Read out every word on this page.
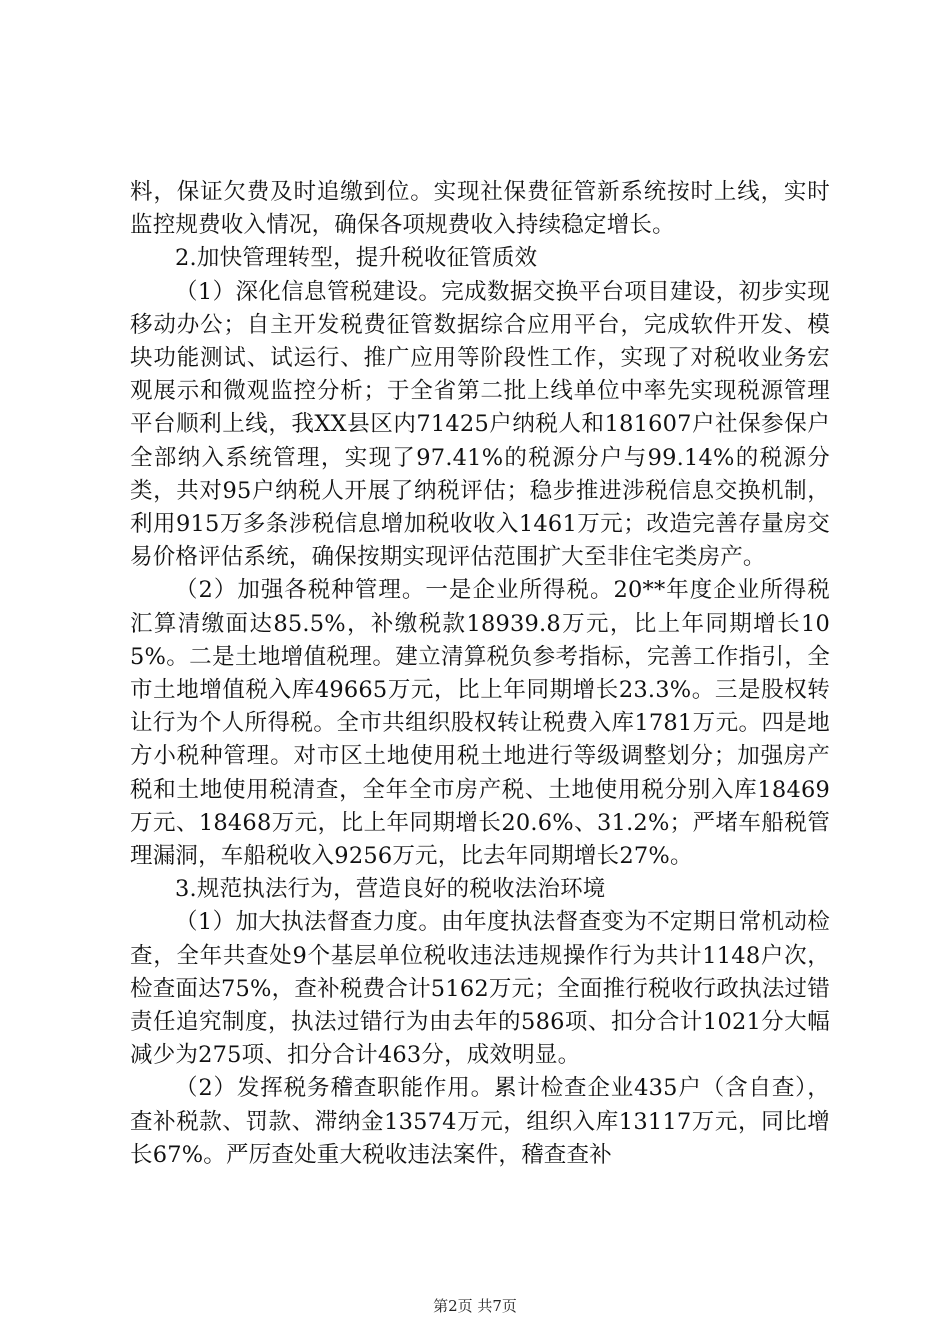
料，保证欠费及时追缴到位。实现社保费征管新系统按时上线，实时监控规费收入情况，确保各项规费收入持续稳定增长。

2.加快管理转型，提升税收征管质效

（1）深化信息管税建设。完成数据交换平台项目建设，初步实现移动办公；自主开发税费征管数据综合应用平台，完成软件开发、模块功能测试、试运行、推广应用等阶段性工作，实现了对税收业务宏观展示和微观监控分析；于全省第二批上线单位中率先实现税源管理平台顺利上线，我XX县区内71425户纳税人和181607户社保参保户全部纳入系统管理，实现了97.41%的税源分户与99.14%的税源分类，共对95户纳税人开展了纳税评估；稳步推进涉税信息交换机制，利用915万多条涉税信息增加税收收入1461万元；改造完善存量房交易价格评估系统，确保按期实现评估范围扩大至非住宅类房产。

（2）加强各税种管理。一是企业所得税。20**年度企业所得税汇算清缴面达85.5%，补缴税款18939.8万元，比上年同期增长105%。二是土地增值税理。建立清算税负参考指标，完善工作指引，全市土地增值税入库49665万元，比上年同期增长23.3%。三是股权转让行为个人所得税。全市共组织股权转让税费入库1781万元。四是地方小税种管理。对市区土地使用税土地进行等级调整划分；加强房产税和土地使用税清查，全年全市房产税、土地使用税分别入库18469万元、18468万元，比上年同期增长20.6%、31.2%；严堵车船税管理漏洞，车船税收入9256万元，比去年同期增长27%。

3.规范执法行为，营造良好的税收法治环境

（1）加大执法督查力度。由年度执法督查变为不定期日常机动检查，全年共查处9个基层单位税收违法违规操作行为共计1148户次，检查面达75%，查补税费合计5162万元；全面推行税收行政执法过错责任追究制度，执法过错行为由去年的586项、扣分合计1021分大幅减少为275项、扣分合计463分，成效明显。

（2）发挥税务稽查职能作用。累计检查企业435户（含自查），查补税款、罚款、滞纳金13574万元，组织入库13117万元，同比增长67%。严厉查处重大税收违法案件，稽查查补

第2页 共7页
